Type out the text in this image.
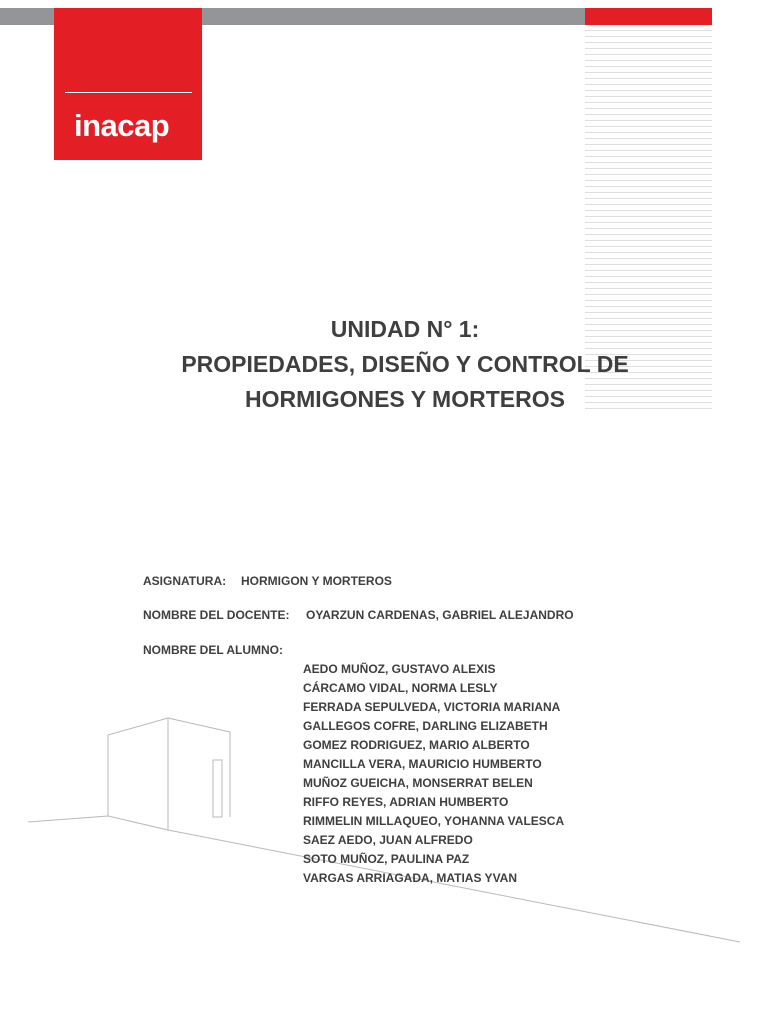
inacap
UNIDAD N° 1:
PROPIEDADES, DISEÑO Y CONTROL DE
HORMIGONES Y MORTEROS
ASIGNATURA: HORMIGON Y MORTEROS
NOMBRE DEL DOCENTE: OYARZUN CARDENAS, GABRIEL ALEJANDRO
NOMBRE DEL ALUMNO:
AEDO MUÑOZ, GUSTAVO ALEXIS
CÁRCAMO VIDAL, NORMA LESLY
FERRADA SEPULVEDA, VICTORIA MARIANA
GALLEGOS COFRE, DARLING ELIZABETH
GOMEZ RODRIGUEZ, MARIO ALBERTO
MANCILLA VERA, MAURICIO HUMBERTO
MUÑOZ GUEICHA, MONSERRAT BELEN
RIFFO REYES, ADRIAN HUMBERTO
RIMMELIN MILLAQUEO, YOHANNA VALESCA
SAEZ AEDO, JUAN ALFREDO
SOTO MUÑOZ, PAULINA PAZ
VARGAS ARRIAGADA, MATIAS YVAN
